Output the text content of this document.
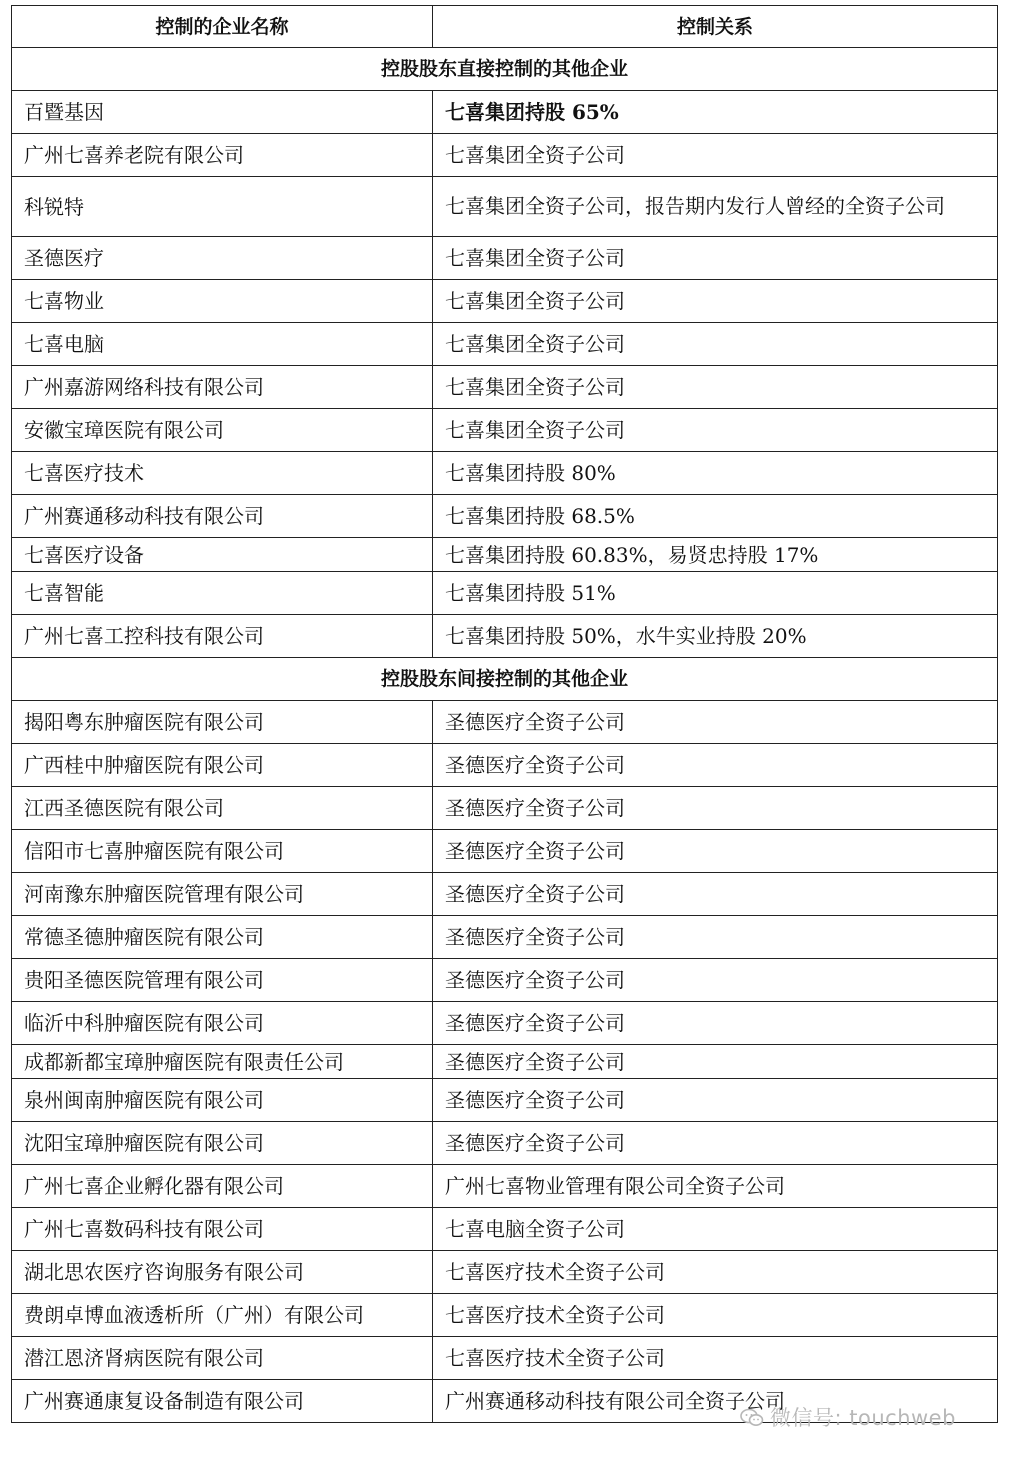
控制的企业名称	控制关系
控股股东直接控制的其他企业	
百暨基因	七喜集团持股 65%
广州七喜养老院有限公司	七喜集团全资子公司
科锐特	七喜集团全资子公司，报告期内发行人曾经的全资子公司
圣德医疗	七喜集团全资子公司
七喜物业	七喜集团全资子公司
七喜电脑	七喜集团全资子公司
广州嘉游网络科技有限公司	七喜集团全资子公司
安徽宝璋医院有限公司	七喜集团全资子公司
七喜医疗技术	七喜集团持股 80%
广州赛通移动科技有限公司	七喜集团持股 68.5%
七喜医疗设备	七喜集团持股 60.83%，易贤忠持股 17%
七喜智能	七喜集团持股 51%
广州七喜工控科技有限公司	七喜集团持股 50%，水牛实业持股 20%
控股股东间接控制的其他企业	
揭阳粤东肿瘤医院有限公司	圣德医疗全资子公司
广西桂中肿瘤医院有限公司	圣德医疗全资子公司
江西圣德医院有限公司	圣德医疗全资子公司
信阳市七喜肿瘤医院有限公司	圣德医疗全资子公司
河南豫东肿瘤医院管理有限公司	圣德医疗全资子公司
常德圣德肿瘤医院有限公司	圣德医疗全资子公司
贵阳圣德医院管理有限公司	圣德医疗全资子公司
临沂中科肿瘤医院有限公司	圣德医疗全资子公司
成都新都宝璋肿瘤医院有限责任公司	圣德医疗全资子公司
泉州闽南肿瘤医院有限公司	圣德医疗全资子公司
沈阳宝璋肿瘤医院有限公司	圣德医疗全资子公司
广州七喜企业孵化器有限公司	广州七喜物业管理有限公司全资子公司
广州七喜数码科技有限公司	七喜电脑全资子公司
湖北思农医疗咨询服务有限公司	七喜医疗技术全资子公司
费朗卓博血液透析所（广州）有限公司	七喜医疗技术全资子公司
潜江恩济肾病医院有限公司	七喜医疗技术全资子公司
广州赛通康复设备制造有限公司	广州赛通移动科技有限公司全资子公司
微信号: touchweb
